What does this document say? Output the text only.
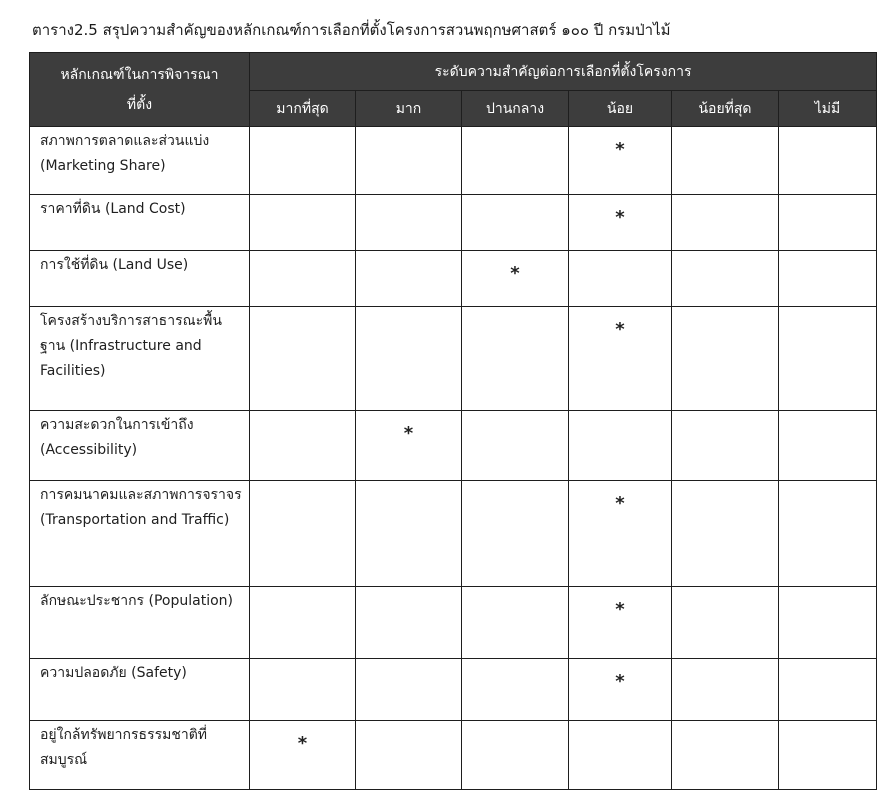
ตาราง2.5 สรุปความสำคัญของหลักเกณฑ์การเลือกที่ตั้งโครงการสวนพฤกษศาสตร์ ๑๐๐ ปี กรมป่าไม้
หลักเกณฑ์ในการพิจารณา
ที่ตั้ง	ระดับความสำคัญต่อการเลือกที่ตั้งโครงการ					
	มากที่สุด	มาก	ปานกลาง	น้อย	น้อยที่สุด	ไม่มี
สภาพการตลาดและส่วนแบ่ง (Marketing Share)				*		
ราคาที่ดิน (Land Cost)				*		
การใช้ที่ดิน (Land Use)			*			
โครงสร้างบริการสาธารณะพื้นฐาน (Infrastructure and Facilities)				*		
ความสะดวกในการเข้าถึง (Accessibility)		*				
การคมนาคมและสภาพการจราจร (Transportation and Traffic)				*		
ลักษณะประชากร (Population)				*		
ความปลอดภัย (Safety)				*		
อยู่ใกล้ทรัพยากรธรรมชาติที่สมบูรณ์	*					
